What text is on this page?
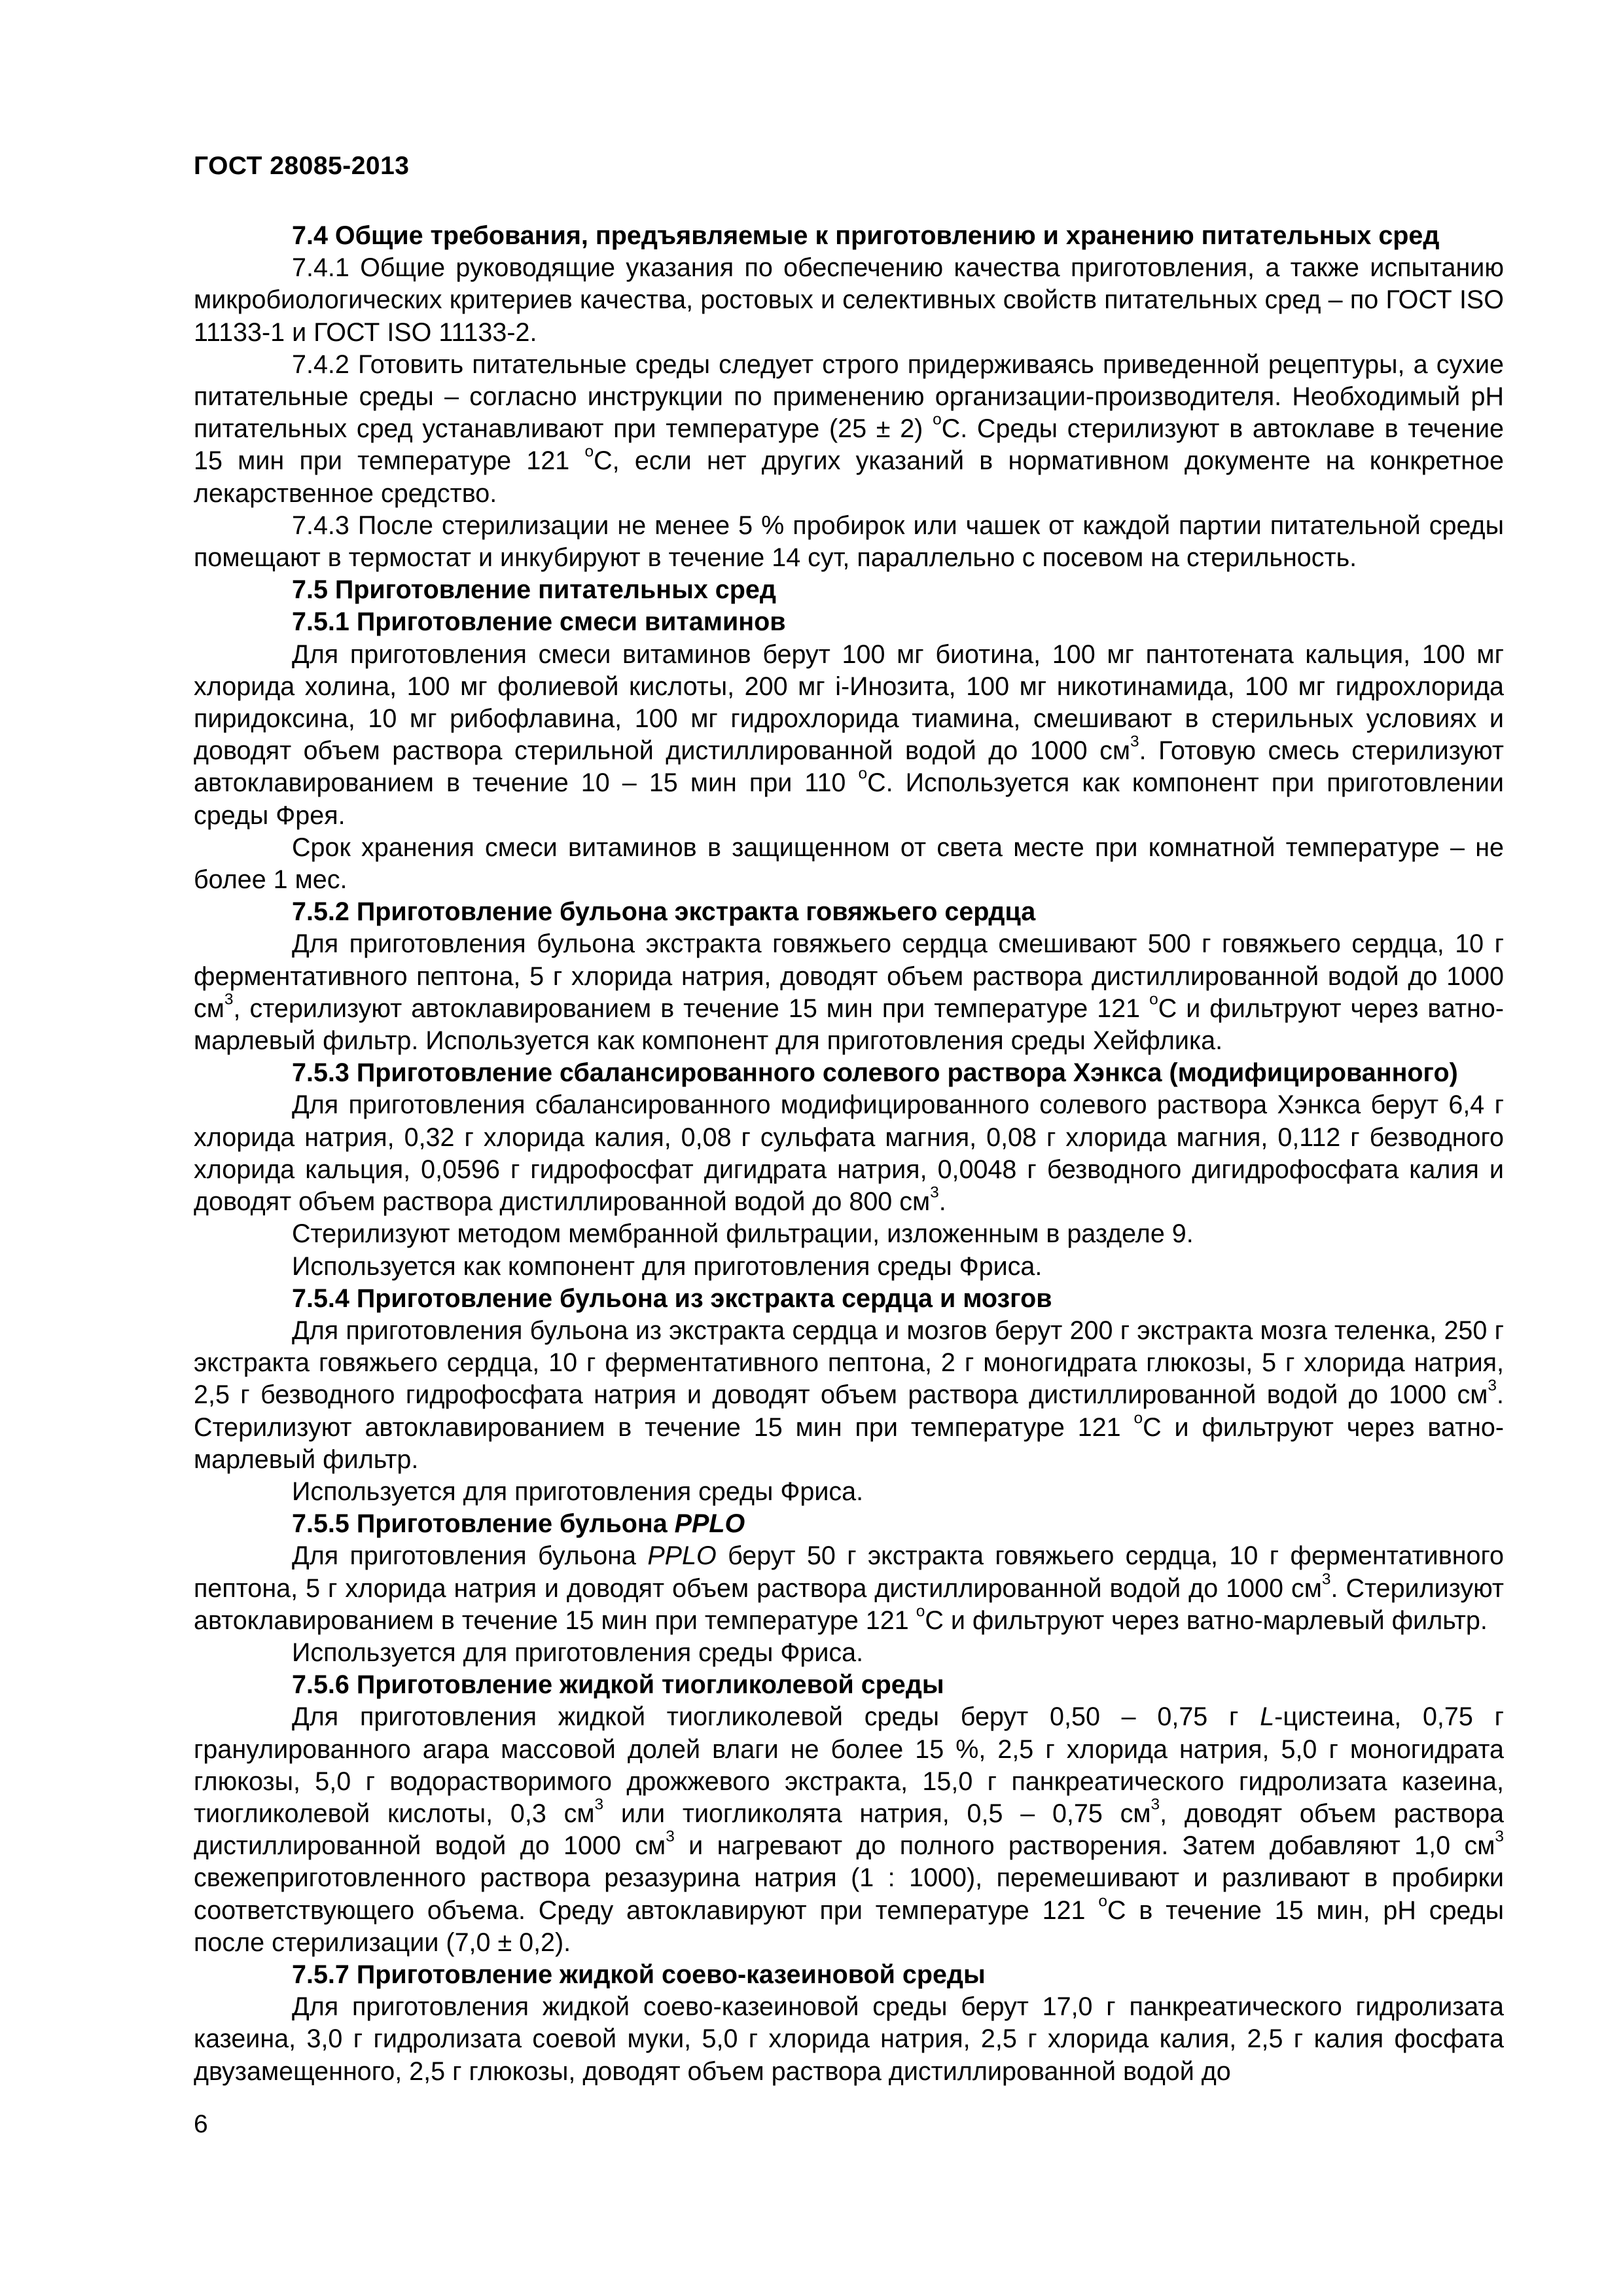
ГОСТ 28085-2013

7.4 Общие требования, предъявляемые к приготовлению и хранению питательных сред

7.4.1 Общие руководящие указания по обеспечению качества приготовления, а также испытанию микробиологических критериев качества, ростовых и селективных свойств питательных сред – по ГОСТ ISO 11133-1 и ГОСТ ISO 11133-2.

7.4.2 Готовить питательные среды следует строго придерживаясь приведенной рецептуры, а сухие питательные среды – согласно инструкции по применению организации-производителя. Необходимый pH питательных сред устанавливают при температуре (25 ± 2) $^o$С. Среды стерилизуют в автоклаве в течение 15 мин при температуре 121 $^o$С, если нет других указаний в нормативном документе на конкретное лекарственное средство.

7.4.3 После стерилизации не менее 5 % пробирок или чашек от каждой партии питательной среды помещают в термостат и инкубируют в течение 14 сут, параллельно с посевом на стерильность.

7.5 Приготовление питательных сред

7.5.1 Приготовление смеси витаминов

Для приготовления смеси витаминов берут 100 мг биотина, 100 мг пантотената кальция, 100 мг хлорида холина, 100 мг фолиевой кислоты, 200 мг i-Инозита, 100 мг никотинамида, 100 мг гидрохлорида пиридоксина, 10 мг рибофлавина, 100 мг гидрохлорида тиамина, смешивают в стерильных условиях и доводят объем раствора стерильной дистиллированной водой до 1000 $см^3$. Готовую смесь стерилизуют автоклавированием в течение 10 – 15 мин при 110 $^o$С. Используется как компонент при приготовлении среды Фрея.

Срок хранения смеси витаминов в защищенном от света месте при комнатной температуре – не более 1 мес.

7.5.2 Приготовление бульона экстракта говяжьего сердца

Для приготовления бульона экстракта говяжьего сердца смешивают 500 г говяжьего сердца, 10 г ферментативного пептона, 5 г хлорида натрия, доводят объем раствора дистиллированной водой до 1000 $см^3$, стерилизуют автоклавированием в течение 15 мин при температуре 121 $^o$С и фильтруют через ватно-марлевый фильтр. Используется как компонент для приготовления среды Хейфлика.

7.5.3 Приготовление сбалансированного солевого раствора Хэнкса (модифицированного)

Для приготовления сбалансированного модифицированного солевого раствора Хэнкса берут 6,4 г хлорида натрия, 0,32 г хлорида калия, 0,08 г сульфата магния, 0,08 г хлорида магния, 0,112 г безводного хлорида кальция, 0,0596 г гидрофосфат дигидрата натрия, 0,0048 г безводного дигидрофосфата калия и доводят объем раствора дистиллированной водой до 800 $см^3$.

Стерилизуют методом мембранной фильтрации, изложенным в разделе 9.

Используется как компонент для приготовления среды Фриса.

7.5.4 Приготовление бульона из экстракта сердца и мозгов

Для приготовления бульона из экстракта сердца и мозгов берут 200 г экстракта мозга теленка, 250 г экстракта говяжьего сердца, 10 г ферментативного пептона, 2 г моногидрата глюкозы, 5 г хлорида натрия, 2,5 г безводного гидрофосфата натрия и доводят объем раствора дистиллированной водой до 1000 $см^3$. Стерилизуют автоклавированием в течение 15 мин при температуре 121 $^o$С и фильтруют через ватно-марлевый фильтр.

Используется для приготовления среды Фриса.

7.5.5 Приготовление бульона PPLO

Для приготовления бульона PPLO берут 50 г экстракта говяжьего сердца, 10 г ферментативного пептона, 5 г хлорида натрия и доводят объем раствора дистиллированной водой до 1000 $см^3$. Стерилизуют автоклавированием в течение 15 мин при температуре 121 $^o$С и фильтруют через ватно-марлевый фильтр.

Используется для приготовления среды Фриса.

7.5.6 Приготовление жидкой тиогликолевой среды

Для приготовления жидкой тиогликолевой среды берут 0,50 – 0,75 г L-цистеина, 0,75 г гранулированного агара массовой долей влаги не более 15 %, 2,5 г хлорида натрия, 5,0 г моногидрата глюкозы, 5,0 г водорастворимого дрожжевого экстракта, 15,0 г панкреатического гидролизата казеина, тиогликолевой кислоты, 0,3 $см^3$ или тиогликолята натрия, 0,5 – 0,75 $см^3$, доводят объем раствора дистиллированной водой до 1000 $см^3$ и нагревают до полного растворения. Затем добавляют 1,0 $см^3$ свежеприготовленного раствора резазурина натрия (1 : 1000), перемешивают и разливают в пробирки соответствующего объема. Среду автоклавируют при температуре 121 $^o$С в течение 15 мин, pH среды после стерилизации (7,0 ± 0,2).

7.5.7 Приготовление жидкой соево-казеиновой среды

Для приготовления жидкой соево-казеиновой среды берут 17,0 г панкреатического гидролизата казеина, 3,0 г гидролизата соевой муки, 5,0 г хлорида натрия, 2,5 г хлорида калия, 2,5 г калия фосфата двузамещенного, 2,5 г глюкозы, доводят объем раствора дистиллированной водой до

6
